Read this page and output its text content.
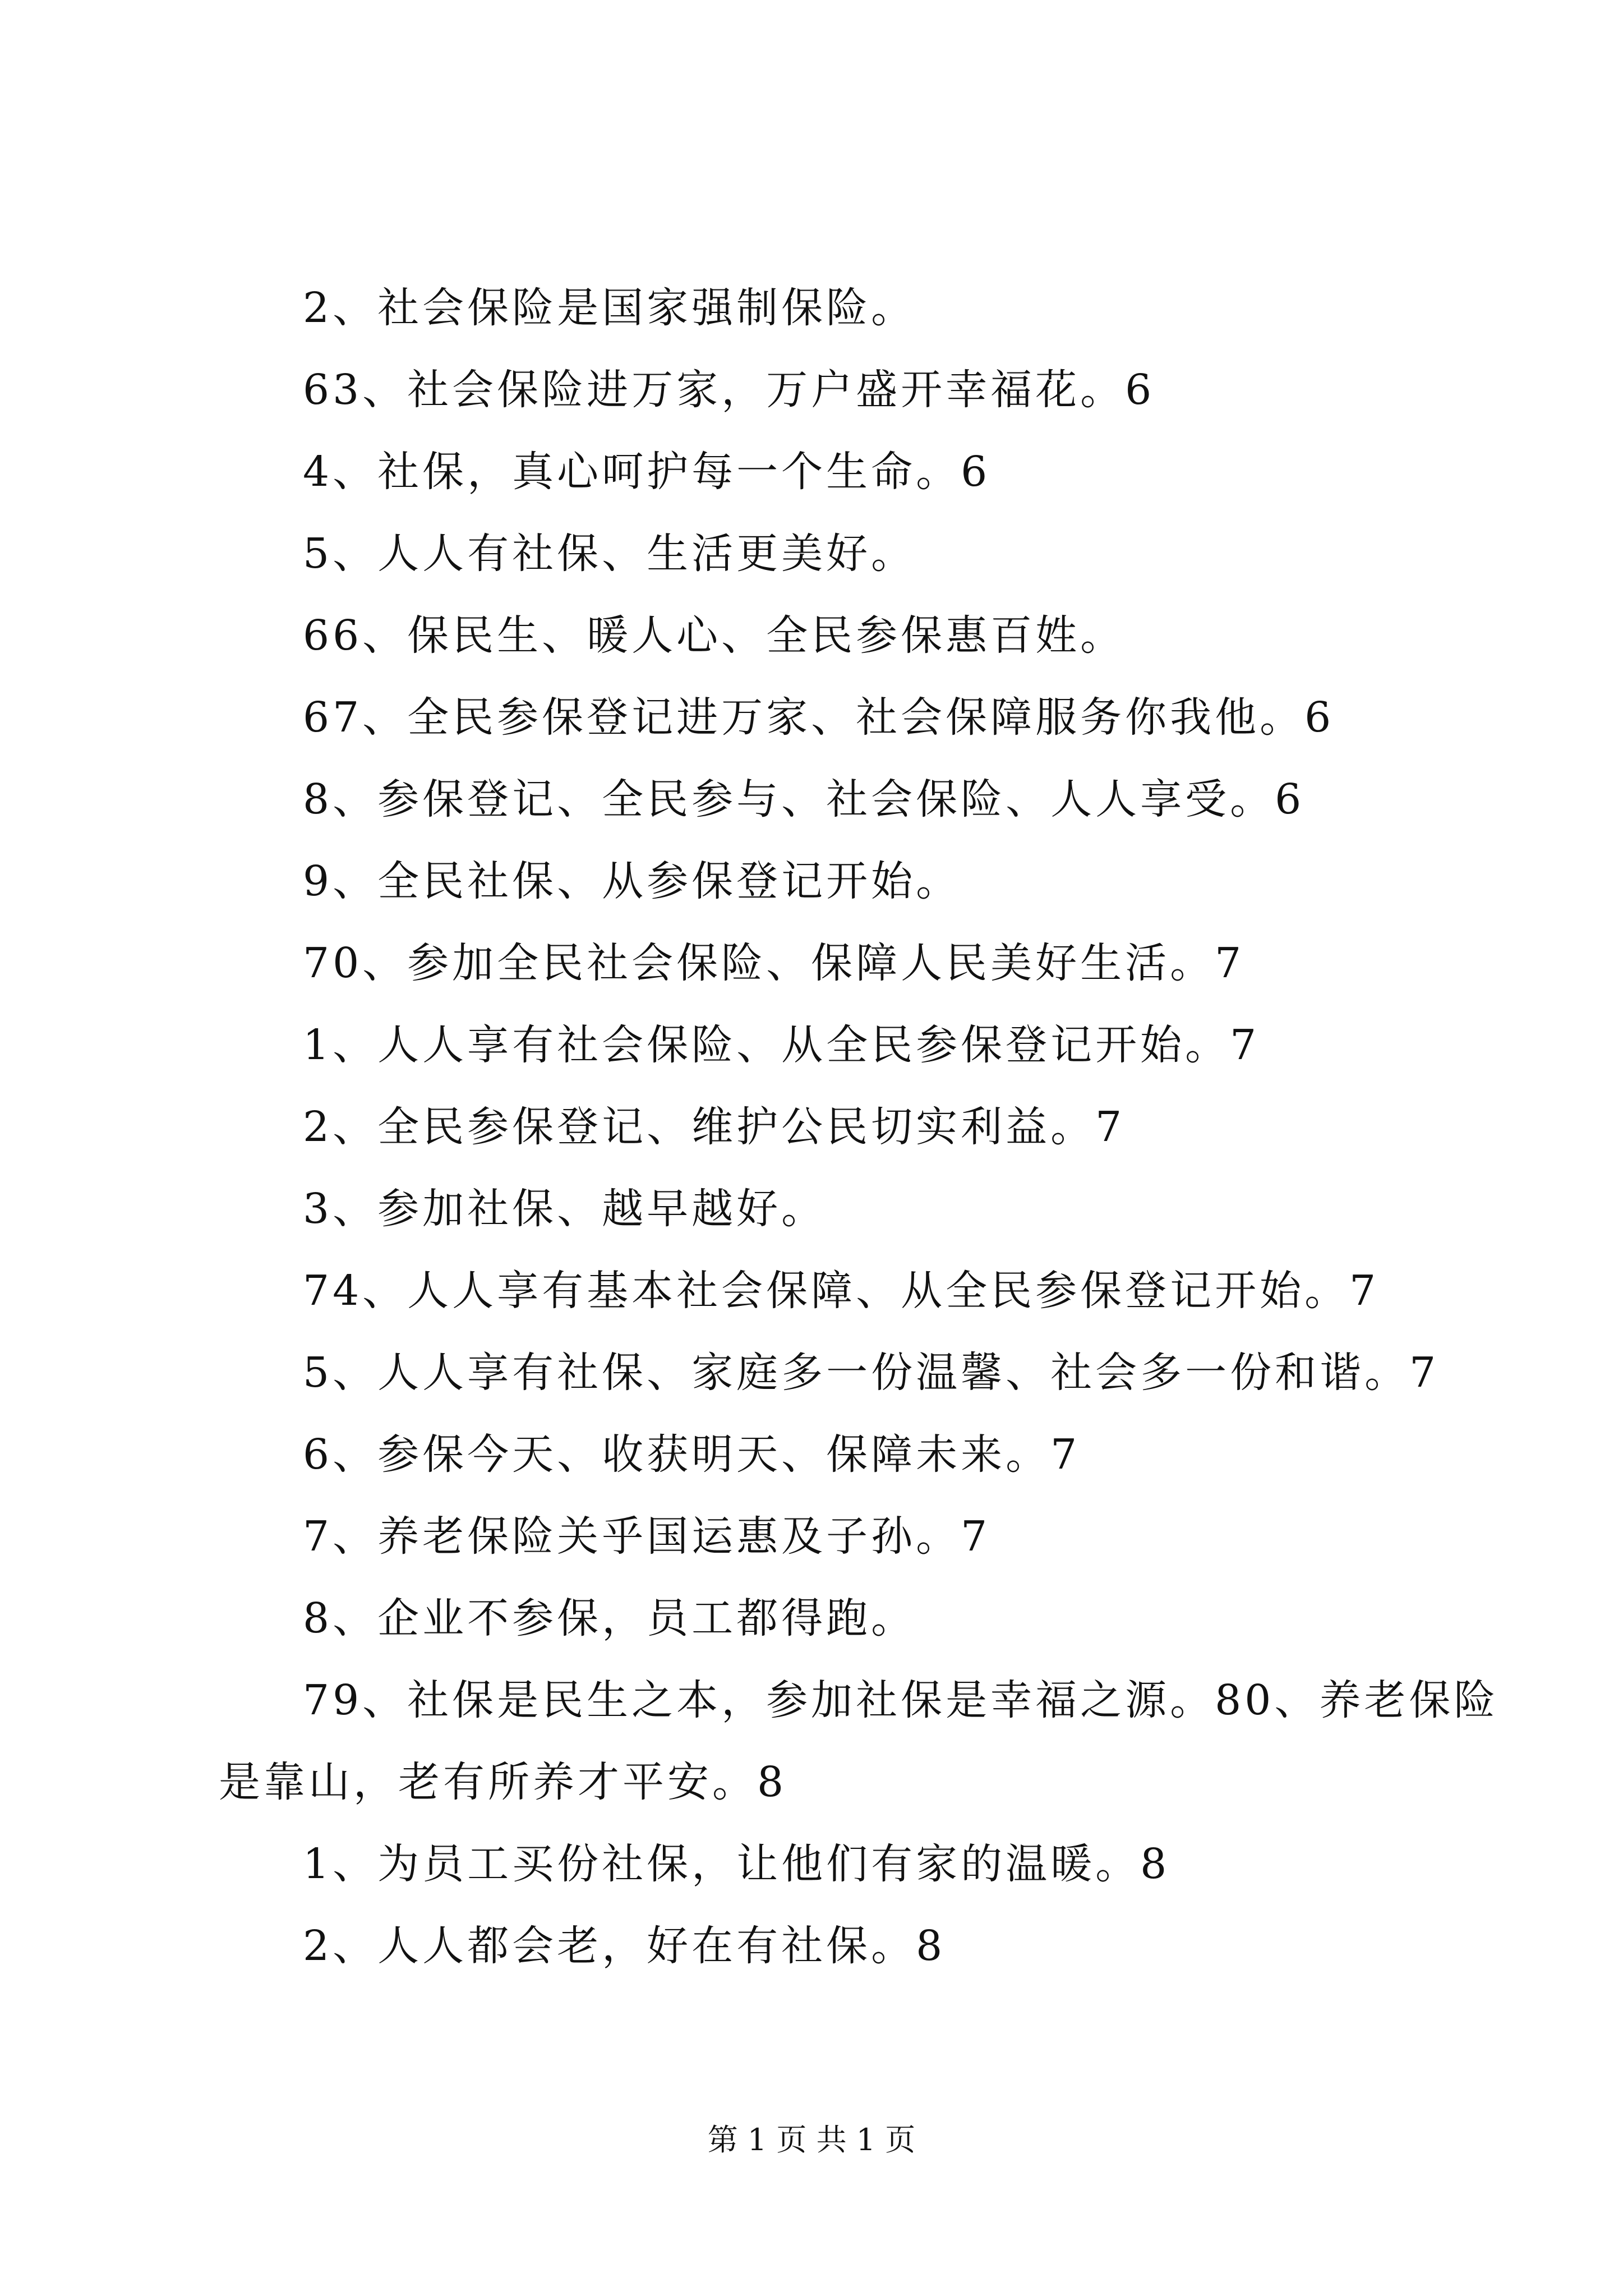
2、社会保险是国家强制保险。
63、社会保险进万家，万户盛开幸福花。6
4、社保，真心呵护每一个生命。6
5、人人有社保、生活更美好。
66、保民生、暖人心、全民参保惠百姓。
67、全民参保登记进万家、社会保障服务你我他。6
8、参保登记、全民参与、社会保险、人人享受。6
9、全民社保、从参保登记开始。
70、参加全民社会保险、保障人民美好生活。7
1、人人享有社会保险、从全民参保登记开始。7
2、全民参保登记、维护公民切实利益。7
3、参加社保、越早越好。
74、人人享有基本社会保障、从全民参保登记开始。7
5、人人享有社保、家庭多一份温馨、社会多一份和谐。7
6、参保今天、收获明天、保障未来。7
7、养老保险关乎国运惠及子孙。7
8、企业不参保，员工都得跑。
79、社保是民生之本，参加社保是幸福之源。80、养老保险
是靠山，老有所养才平安。8
1、为员工买份社保，让他们有家的温暖。8
2、人人都会老，好在有社保。8
第 1 页 共 1 页
